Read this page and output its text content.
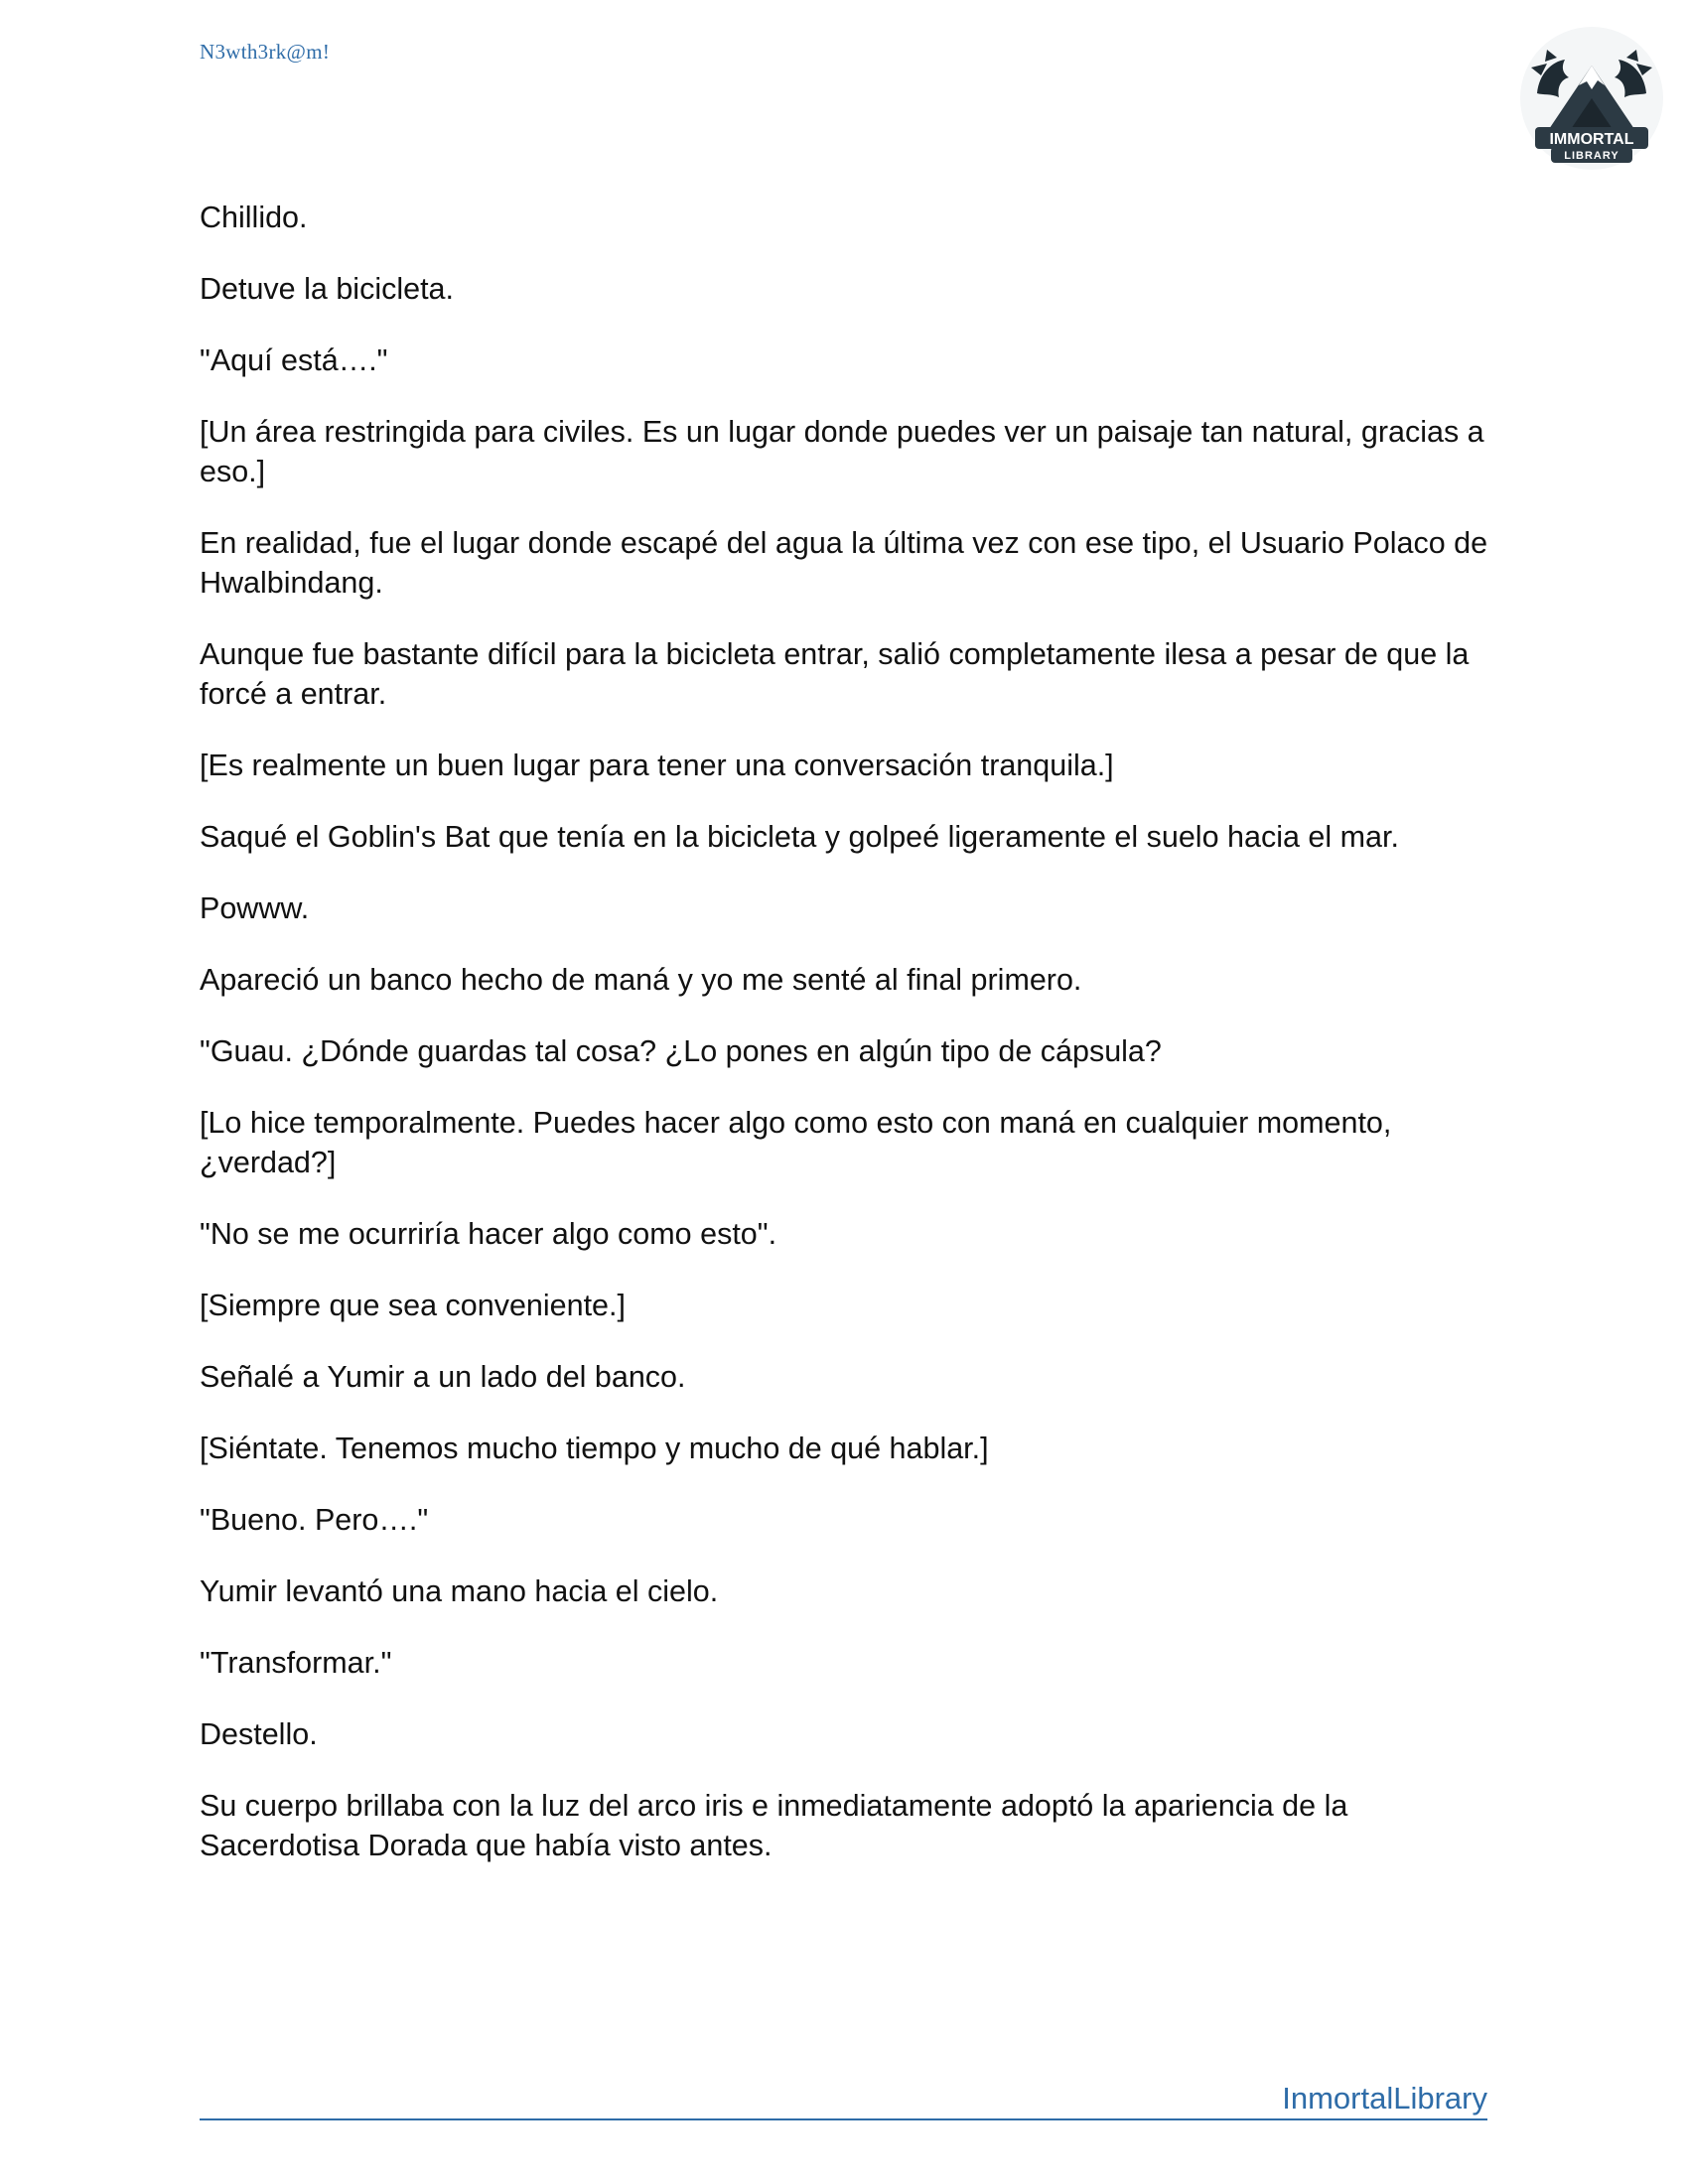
N3wth3rk@m!
IMMORTAL
LIBRARY

Chillido.

Detuve la bicicleta.

"Aquí está…."

[Un área restringida para civiles. Es un lugar donde puedes ver un paisaje tan natural, gracias a eso.]

En realidad, fue el lugar donde escapé del agua la última vez con ese tipo, el Usuario Polaco de Hwalbindang.

Aunque fue bastante difícil para la bicicleta entrar, salió completamente ilesa a pesar de que la forcé a entrar.

[Es realmente un buen lugar para tener una conversación tranquila.]

Saqué el Goblin's Bat que tenía en la bicicleta y golpeé ligeramente el suelo hacia el mar.

Powww.

Apareció un banco hecho de maná y yo me senté al final primero.

"Guau. ¿Dónde guardas tal cosa? ¿Lo pones en algún tipo de cápsula?

[Lo hice temporalmente. Puedes hacer algo como esto con maná en cualquier momento, ¿verdad?]

"No se me ocurriría hacer algo como esto".

[Siempre que sea conveniente.]

Señalé a Yumir a un lado del banco.

[Siéntate. Tenemos mucho tiempo y mucho de qué hablar.]

"Bueno. Pero…."

Yumir levantó una mano hacia el cielo.

"Transformar."

Destello.

Su cuerpo brillaba con la luz del arco iris e inmediatamente adoptó la apariencia de la Sacerdotisa Dorada que había visto antes.

InmortalLibrary
